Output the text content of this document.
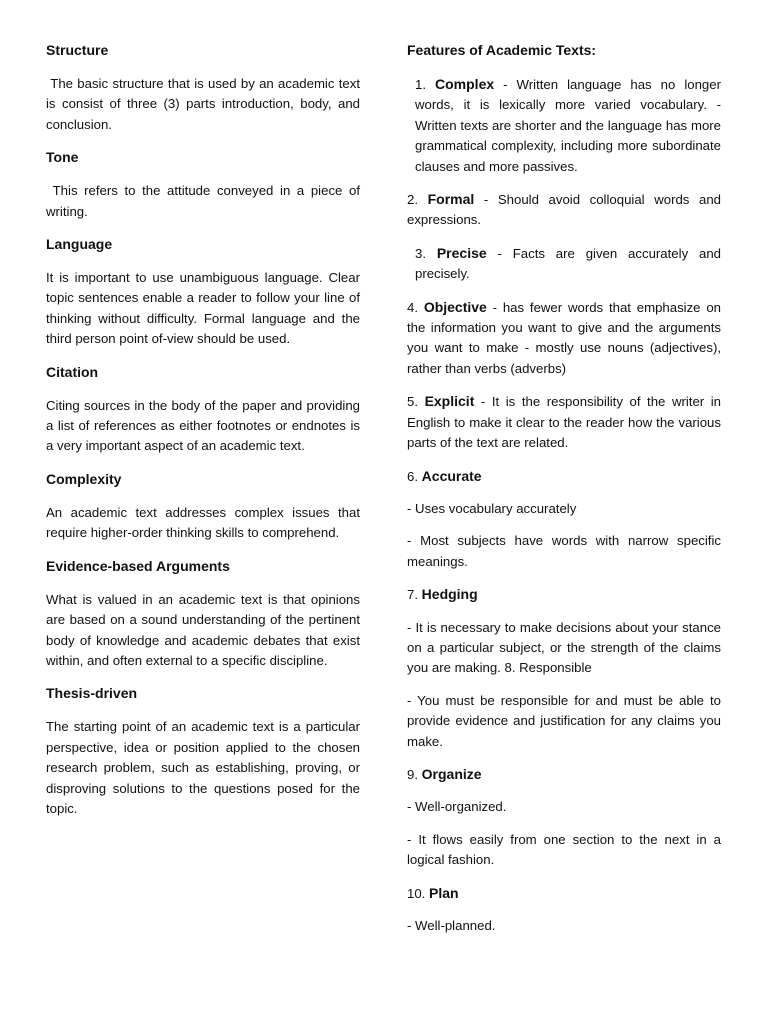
Structure

The basic structure that is used by an academic text is consist of three (3) parts introduction, body, and conclusion.

Tone

This refers to the attitude conveyed in a piece of writing.

Language

It is important to use unambiguous language. Clear topic sentences enable a reader to follow your line of thinking without difficulty. Formal language and the third person point of-view should be used.

Citation

Citing sources in the body of the paper and providing a list of references as either footnotes or endnotes is a very important aspect of an academic text.

Complexity

An academic text addresses complex issues that require higher-order thinking skills to comprehend.

Evidence-based Arguments

What is valued in an academic text is that opinions are based on a sound understanding of the pertinent body of knowledge and academic debates that exist within, and often external to a specific discipline.

Thesis-driven

The starting point of an academic text is a particular perspective, idea or position applied to the chosen research problem, such as establishing, proving, or disproving solutions to the questions posed for the topic.

Features of Academic Texts:

1. Complex - Written language has no longer words, it is lexically more varied vocabulary. - Written texts are shorter and the language has more grammatical complexity, including more subordinate clauses and more passives.

2. Formal - Should avoid colloquial words and expressions.

3. Precise - Facts are given accurately and precisely.

4. Objective - has fewer words that emphasize on the information you want to give and the arguments you want to make - mostly use nouns (adjectives), rather than verbs (adverbs)

5. Explicit - It is the responsibility of the writer in English to make it clear to the reader how the various parts of the text are related.

6. Accurate

- Uses vocabulary accurately

- Most subjects have words with narrow specific meanings.

7. Hedging

- It is necessary to make decisions about your stance on a particular subject, or the strength of the claims you are making. 8. Responsible

- You must be responsible for and must be able to provide evidence and justification for any claims you make.

9. Organize

- Well-organized.

- It flows easily from one section to the next in a logical fashion.

10. Plan

- Well-planned.
